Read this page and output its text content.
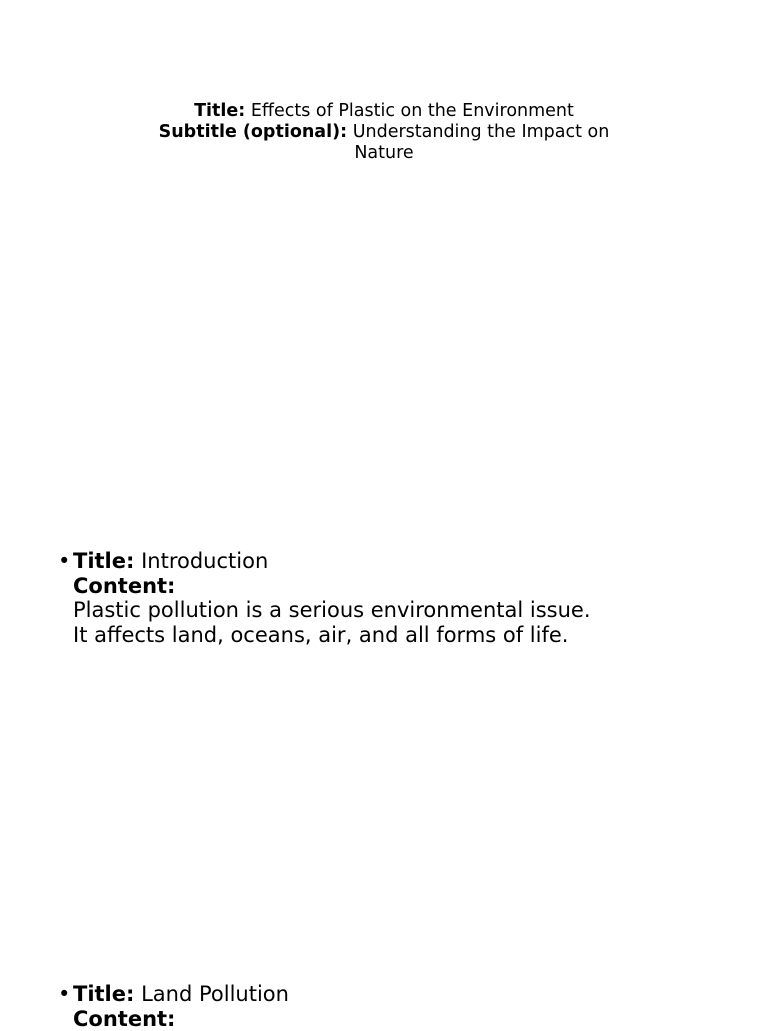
Title: Effects of Plastic on the Environment
Subtitle (optional): Understanding the Impact on Nature
• Title: Introduction
Content:
Plastic pollution is a serious environmental issue.
It affects land, oceans, air, and all forms of life.
• Title: Land Pollution
Content:
